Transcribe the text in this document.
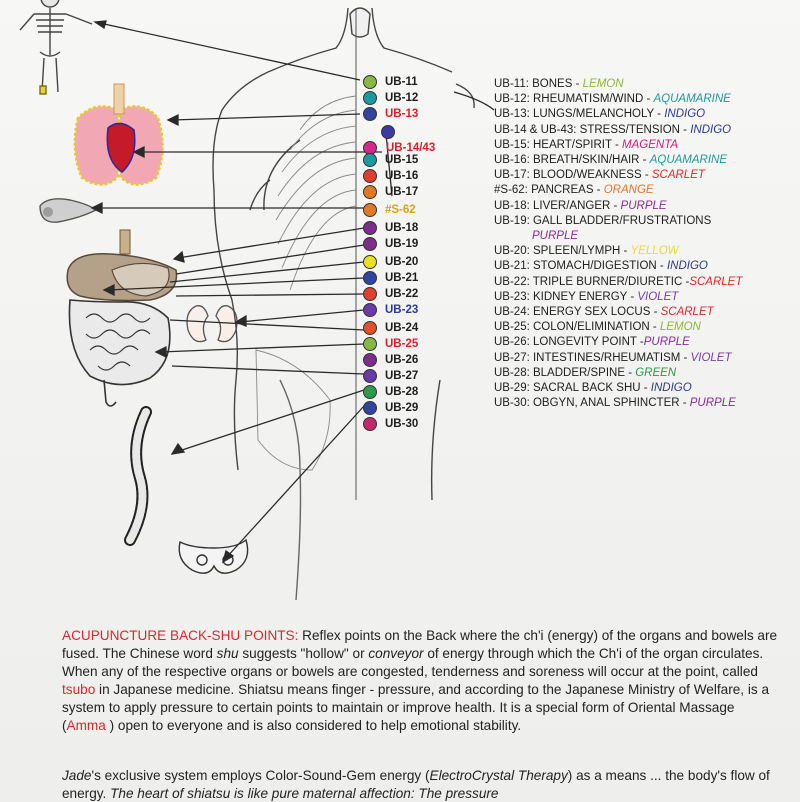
UB-11
UB-12
UB-13
UB-14/43
UB-15
UB-16
UB-17
#S-62
UB-18
UB-19
UB-20
UB-21
UB-22
UB-23
UB-24
UB-25
UB-26
UB-27
UB-28
UB-29
UB-30
UB-11: BONES - LEMON
UB-12: RHEUMATISM/WIND - AQUAMARINE
UB-13: LUNGS/MELANCHOLY - INDIGO
UB-14 & UB-43: STRESS/TENSION - INDIGO
UB-15: HEART/SPIRIT - MAGENTA
UB-16: BREATH/SKIN/HAIR - AQUAMARINE
UB-17: BLOOD/WEAKNESS - SCARLET
#S-62: PANCREAS - ORANGE
UB-18: LIVER/ANGER - PURPLE
UB-19: GALL BLADDER/FRUSTRATIONS
PURPLE
UB-20: SPLEEN/LYMPH - YELLOW
UB-21: STOMACH/DIGESTION - INDIGO
UB-22: TRIPLE BURNER/DIURETIC -SCARLET
UB-23: KIDNEY ENERGY - VIOLET
UB-24: ENERGY SEX LOCUS - SCARLET
UB-25: COLON/ELIMINATION - LEMON
UB-26: LONGEVITY POINT -PURPLE
UB-27: INTESTINES/RHEUMATISM - VIOLET
UB-28: BLADDER/SPINE - GREEN
UB-29: SACRAL BACK SHU - INDIGO
UB-30: OBGYN, ANAL SPHINCTER - PURPLE

ACUPUNCTURE BACK-SHU POINTS: Reflex points on the Back where the ch'i (energy) of the organs and bowels are fused. The Chinese word shu suggests "hollow" or conveyor of energy through which the Ch'i of the organ circulates. When any of the respective organs or bowels are congested, tenderness and soreness will occur at the point, called tsubo in Japanese medicine. Shiatsu means finger - pressure, and according to the Japanese Ministry of Welfare, is a system to apply pressure to certain points to maintain or improve health. It is a special form of Oriental Massage (Amma ) open to everyone and is also considered to help emotional stability.

Jade's exclusive system employs Color-Sound-Gem energy (ElectroCrystal Therapy) as a means ... the body's flow of energy. The heart of shiatsu is like pure maternal affection: The pressure
